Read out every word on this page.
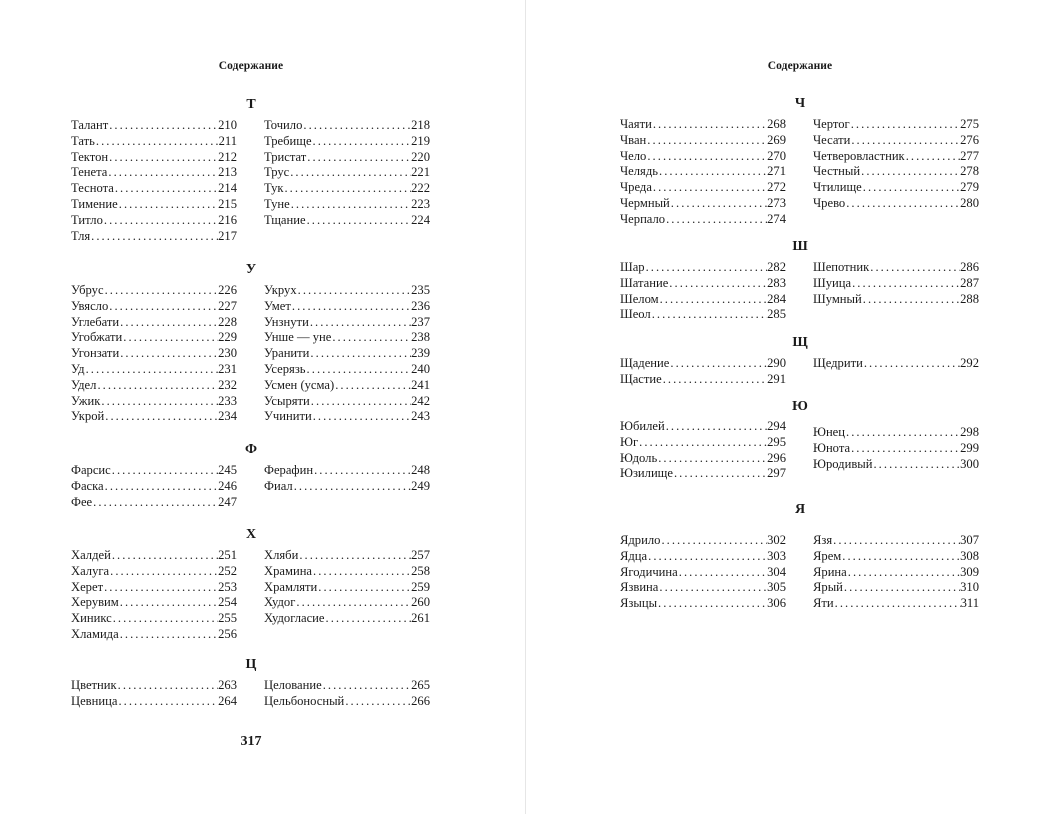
Содержание
317
Т
Талант . . .	210
Тать . . .	211
Тектон . . .	212
Тенета . . .	213
Теснота . . .	214
Тимение . . .	215
Титло . . .	216
Тля . . .	217
Точило . . .	218
Требище . . .	219
Тристат . . .	220
Трус . . .	221
Тук . . .	222
Туне . . .	223
Тщание . . .	224
У
Убрус . . .	226
Увясло . . .	227
Углебати . . .	228
Угобжати . . .	229
Угонзати . . .	230
Уд . . .	231
Удел . . .	232
Ужик . . .	233
Укрой . . .	234
Укрух . . .	235
Умет . . .	236
Унзнути . . .	237
Унше — уне . . .	238
Уранити . . .	239
Усерязь . . .	240
Усмен (усма) . . .	241
Усыряти . . .	242
Учинити . . .	243
Ф
Фарсис . . .	245
Фаска . . .	246
Фее . . .	247
Ферафин . . .	248
Фиал . . .	249
Х
Халдей . . .	251
Халуга . . .	252
Херет . . .	253
Херувим . . .	254
Хиникс . . .	255
Хламида . . .	256
Хляби . . .	257
Храмина . . .	258
Храмляти . . .	259
Худог . . .	260
Худогласие . . .	261
Ц
Цветник . . .	263
Цевница . . .	264
Целование . . .	265
Цельбоносный . . .	266
Содержание
Ч
Чаяти . . .	268
Чван . . .	269
Чело . . .	270
Челядь . . .	271
Чреда . . .	272
Чермный . . .	273
Черпало . . .	274
Чертог . . .	275
Чесати . . .	276
Четверовластник . . .	277
Честный . . .	278
Чтилище . . .	279
Чрево . . .	280
Ш
Шар . . .	282
Шатание . . .	283
Шелом . . .	284
Шеол . . .	285
Шепотник . . .	286
Шуица . . .	287
Шумный . . .	288
Щ
Щадение . . .	290
Щастие . . .	291
Щедрити . . .	292
Ю
Юбилей . . .	294
Юг . . .	295
Юдоль . . .	296
Юзилище . . .	297
Юнец . . .	298
Юнота . . .	299
Юродивый . . .	300
Я
Ядрило . . .	302
Ядца . . .	303
Ягодичина . . .	304
Язвина . . .	305
Языцы . . .	306
Язя . . .	307
Ярем . . .	308
Ярина . . .	309
Ярый . . .	310
Яти . . .	311
